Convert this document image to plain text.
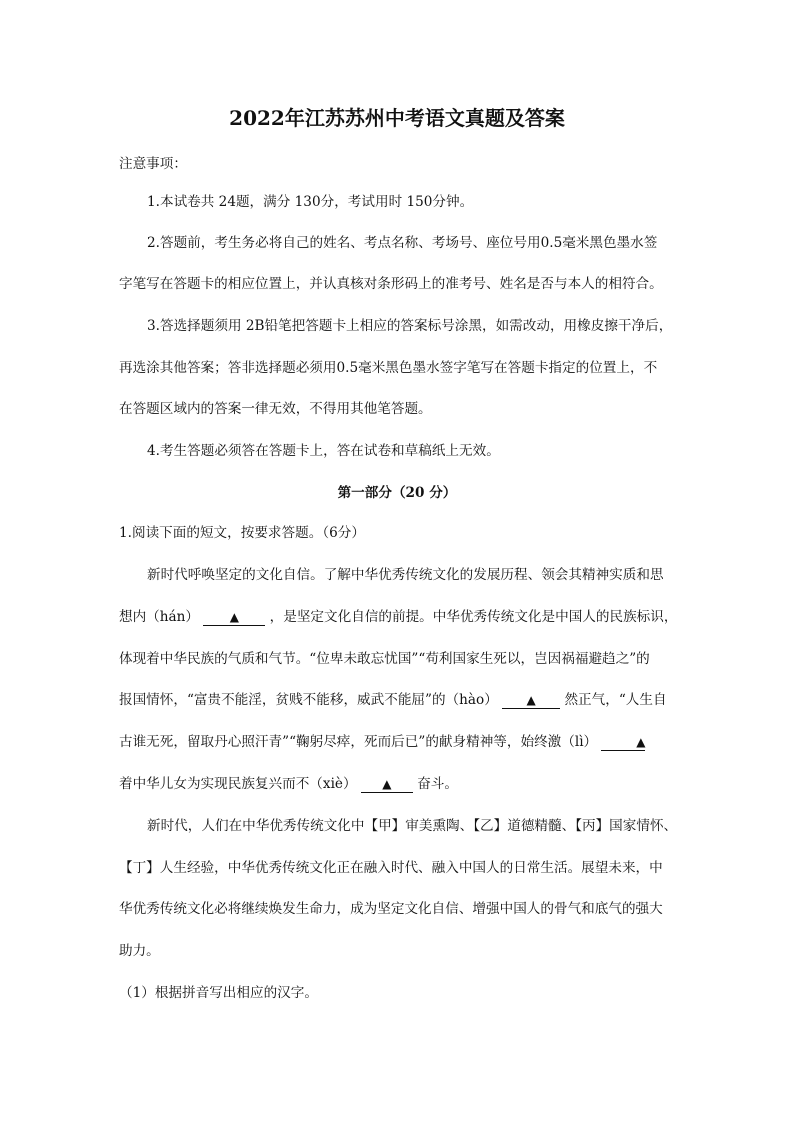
2022年江苏苏州中考语文真题及答案
注意事项：
1.本试卷共 24题，满分 130分，考试用时 150分钟。
2.答题前，考生务必将自己的姓名、考点名称、考场号、座位号用0.5毫米黑色墨水签
字笔写在答题卡的相应位置上，并认真核对条形码上的准考号、姓名是否与本人的相符合。
3.答选择题须用 2B铅笔把答题卡上相应的答案标号涂黑，如需改动，用橡皮擦干净后，
再选涂其他答案；答非选择题必须用0.5毫米黑色墨水签字笔写在答题卡指定的位置上，不
在答题区域内的答案一律无效，不得用其他笔答题。
4.考生答题必须答在答题卡上，答在试卷和草稿纸上无效。
第一部分（20 分）
1.阅读下面的短文，按要求答题。（6分）
新时代呼唤坚定的文化自信。了解中华优秀传统文化的发展历程、领会其精神实质和思
想内（hán）	▲ ，是坚定文化自信的前提。中华优秀传统文化是中国人的民族标识，
体现着中华民族的气质和气节。“位卑未敢忘忧国”“苟利国家生死以，岂因祸福避趋之”的
报国情怀，“富贵不能淫，贫贱不能移，威武不能屈”的（hào） ▲ 然正气，“人生自
古谁无死，留取丹心照汗青”“鞠躬尽瘁，死而后已”的献身精神等，始终激（lì）	▲
着中华儿女为实现民族复兴而不（xiè） ▲ 奋斗。
新时代，人们在中华优秀传统文化中【甲】审美熏陶、【乙】道德精髓、【丙】国家情怀、
【丁】人生经验，中华优秀传统文化正在融入时代、融入中国人的日常生活。展望未来，中
华优秀传统文化必将继续焕发生命力，成为坚定文化自信、增强中国人的骨气和底气的强大
助力。
（1）根据拼音写出相应的汉字。
